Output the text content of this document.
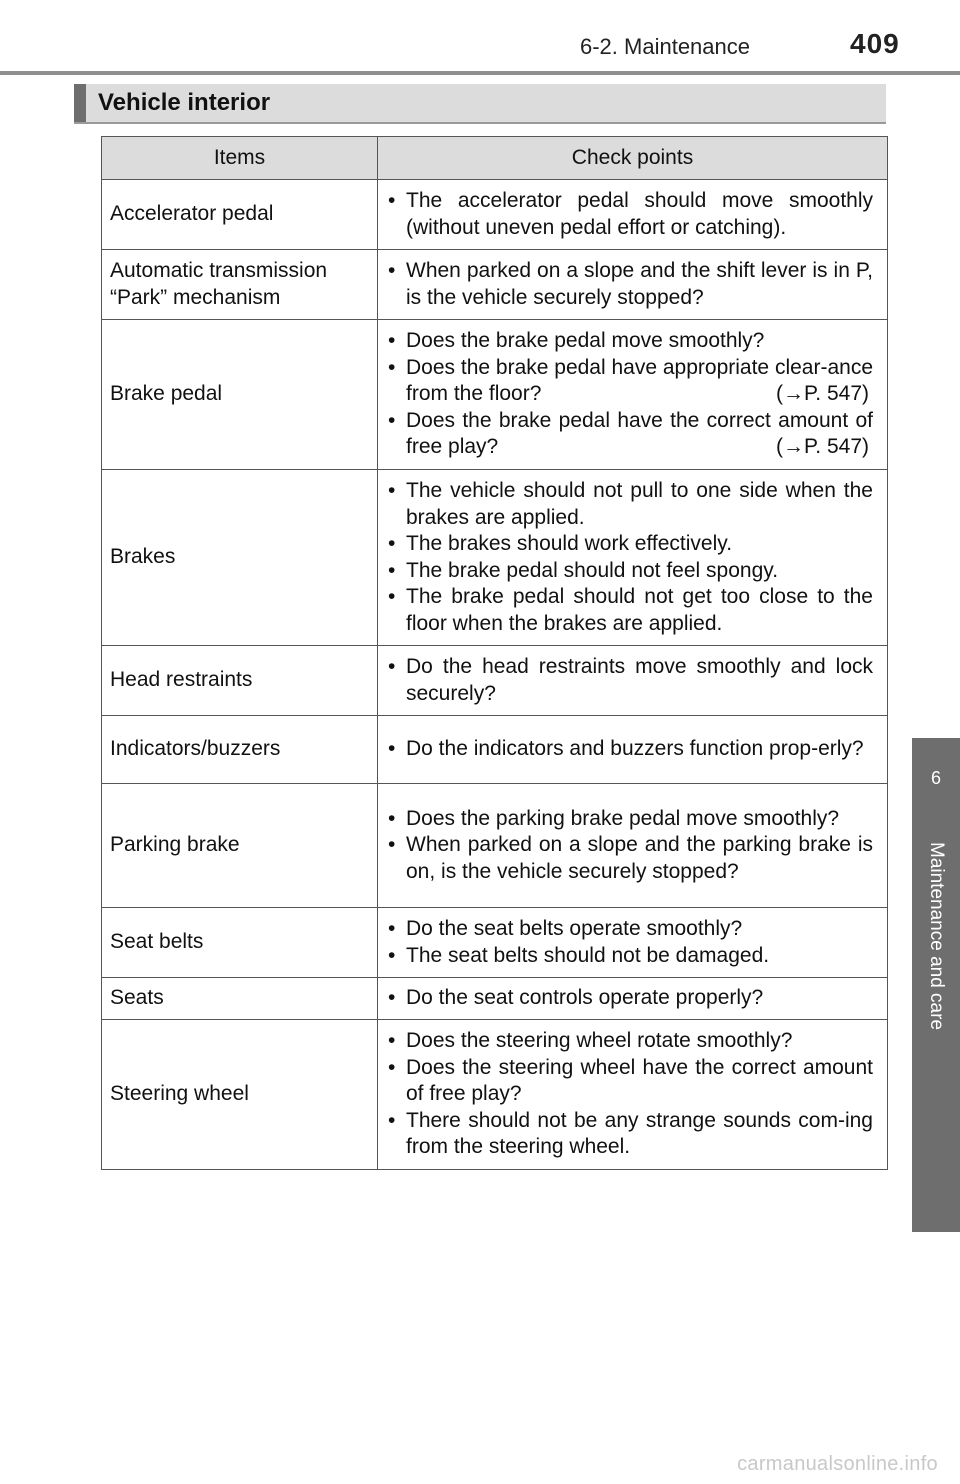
6-2. Maintenance	409
Vehicle interior
Items	Check points
Accelerator pedal	• The accelerator pedal should move smoothly (without uneven pedal effort or catching).

Automatic transmission “Park” mechanism	• When parked on a slope and the shift lever is in P, is the vehicle securely stopped?

Brake pedal	• Does the brake pedal move smoothly?
• Does the brake pedal have appropriate clear-ance from the floor? (→P. 547)
• Does the brake pedal have the correct amount of free play? (→P. 547)

Brakes	• The vehicle should not pull to one side when the brakes are applied.
• The brakes should work effectively.
• The brake pedal should not feel spongy.
• The brake pedal should not get too close to the floor when the brakes are applied.

Head restraints	• Do the head restraints move smoothly and lock securely?

Indicators/buzzers	• Do the indicators and buzzers function prop-erly?

Parking brake	• Does the parking brake pedal move smoothly?
• When parked on a slope and the parking brake is on, is the vehicle securely stopped?

Seat belts	• Do the seat belts operate smoothly?
• The seat belts should not be damaged.

Seats	• Do the seat controls operate properly?

Steering wheel	• Does the steering wheel rotate smoothly?
• Does the steering wheel have the correct amount of free play?
• There should not be any strange sounds com-ing from the steering wheel.
6
Maintenance and care
carmanualsonline.info
